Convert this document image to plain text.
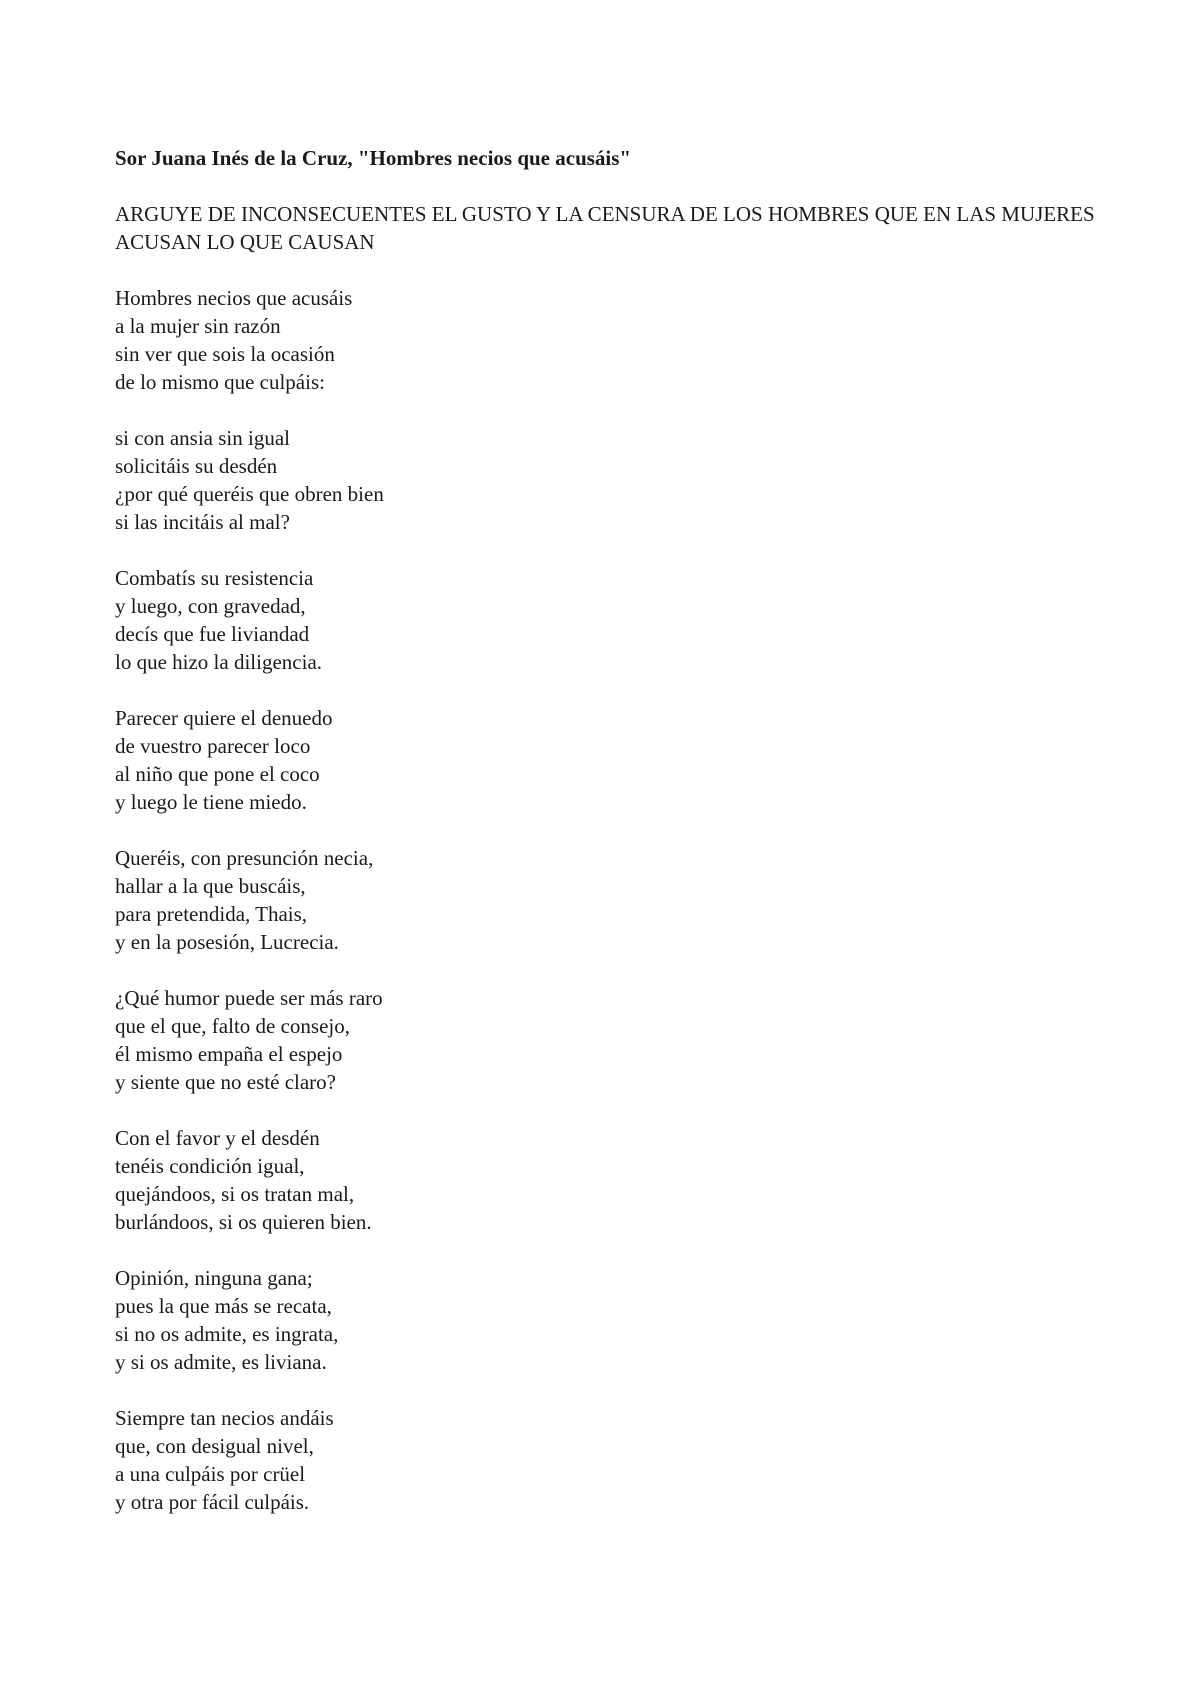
Sor Juana Inés de la Cruz, "Hombres necios que acusáis"

ARGUYE DE INCONSECUENTES EL GUSTO Y LA CENSURA DE LOS HOMBRES QUE EN LAS MUJERES ACUSAN LO QUE CAUSAN

Hombres necios que acusáis
a la mujer sin razón
sin ver que sois la ocasión
de lo mismo que culpáis:
si con ansia sin igual
solicitáis su desdén
¿por qué queréis que obren bien
si las incitáis al mal?
Combatís su resistencia
y luego, con gravedad,
decís que fue liviandad
lo que hizo la diligencia.
Parecer quiere el denuedo
de vuestro parecer loco
al niño que pone el coco
y luego le tiene miedo.
Queréis, con presunción necia,
hallar a la que buscáis,
para pretendida, Thais,
y en la posesión, Lucrecia.
¿Qué humor puede ser más raro
que el que, falto de consejo,
él mismo empaña el espejo
y siente que no esté claro?
Con el favor y el desdén
tenéis condición igual,
quejándoos, si os tratan mal,
burlándoos, si os quieren bien.
Opinión, ninguna gana;
pues la que más se recata,
si no os admite, es ingrata,
y si os admite, es liviana.
Siempre tan necios andáis
que, con desigual nivel,
a una culpáis por crüel
y otra por fácil culpáis.
